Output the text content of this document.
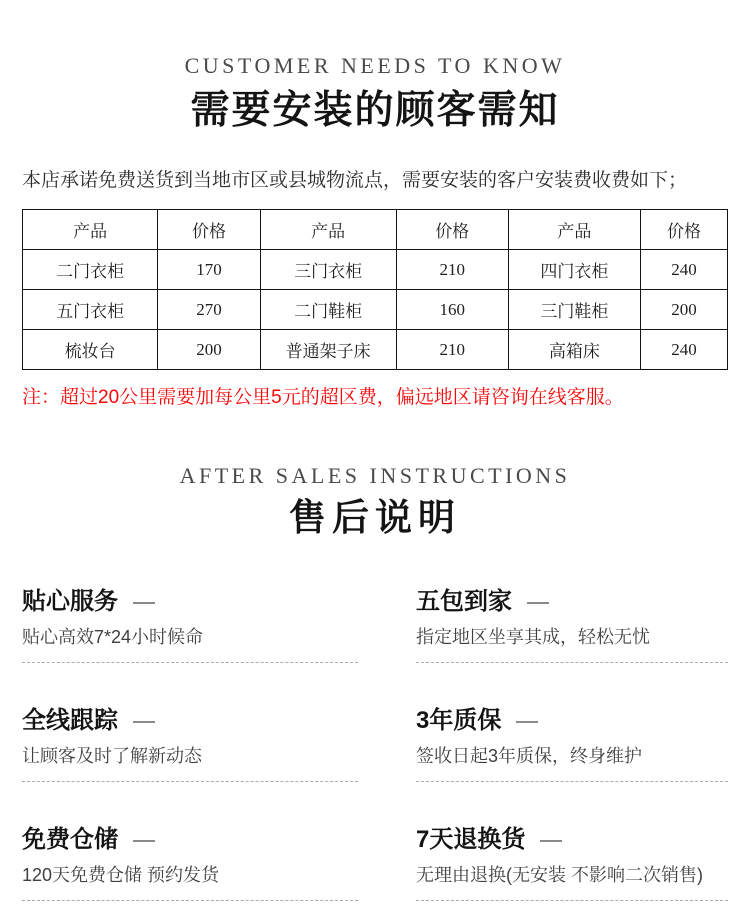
CUSTOMER NEEDS TO KNOW
需要安装的顾客需知
本店承诺免费送货到当地市区或县城物流点，需要安装的客户安装费收费如下；
产品	价格	产品	价格	产品	价格
二门衣柜	170	三门衣柜	210	四门衣柜	240
五门衣柜	270	二门鞋柜	160	三门鞋柜	200
梳妆台	200	普通架子床	210	高箱床	240
注：超过20公里需要加每公里5元的超区费，偏远地区请咨询在线客服。
AFTER SALES INSTRUCTIONS
售后说明
贴心服务
贴心高效7*24小时候命
五包到家
指定地区坐享其成，轻松无忧
全线跟踪
让顾客及时了解新动态
3年质保
签收日起3年质保，终身维护
免费仓储
120天免费仓储 预约发货
7天退换货
无理由退换(无安装 不影响二次销售)
